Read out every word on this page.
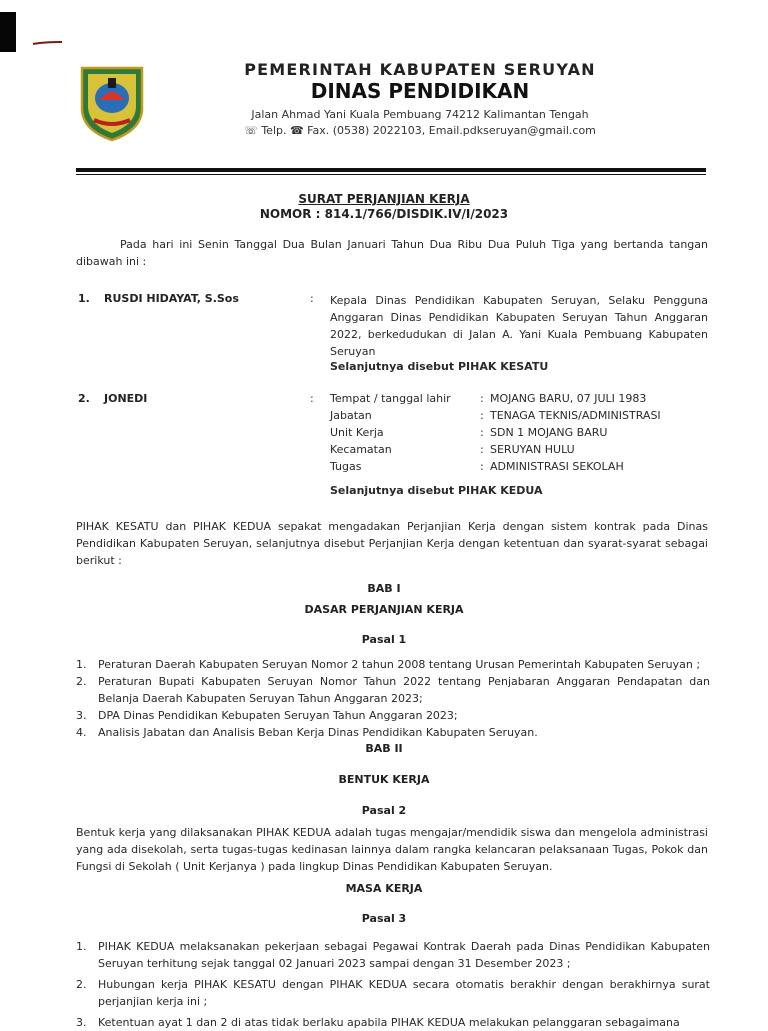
PEMERINTAH KABUPATEN SERUYAN
DINAS PENDIDIKAN
Jalan Ahmad Yani Kuala Pembuang 74212 Kalimantan Tengah
☏ Telp. ☎ Fax. (0538) 2022103, Email.pdkseruyan@gmail.com
SURAT PERJANJIAN KERJA
NOMOR : 814.1/766/DISDIK.IV/I/2023
Pada hari ini Senin Tanggal Dua Bulan Januari Tahun Dua Ribu Dua Puluh Tiga yang bertanda tangan dibawah ini :
1. RUSDI HIDAYAT, S.Sos	: Kepala Dinas Pendidikan Kabupaten Seruyan, Selaku Pengguna Anggaran Dinas Pendidikan Kabupaten Seruyan Tahun Anggaran 2022, berkedudukan di Jalan A. Yani Kuala Pembuang Kabupaten Seruyan
Selanjutnya disebut PIHAK KESATU
2. JONEDI	: Tempat / tanggal lahir	: MOJANG BARU, 07 JULI 1983
Jabatan	: TENAGA TEKNIS/ADMINISTRASI
Unit Kerja	: SDN 1 MOJANG BARU
Kecamatan	: SERUYAN HULU
Tugas	: ADMINISTRASI SEKOLAH
Selanjutnya disebut PIHAK KEDUA
PIHAK KESATU dan PIHAK KEDUA sepakat mengadakan Perjanjian Kerja dengan sistem kontrak pada Dinas Pendidikan Kabupaten Seruyan, selanjutnya disebut Perjanjian Kerja dengan ketentuan dan syarat-syarat sebagai berikut :
BAB I
DASAR PERJANJIAN KERJA
Pasal 1
1. Peraturan Daerah Kabupaten Seruyan Nomor 2 tahun 2008 tentang Urusan Pemerintah Kabupaten Seruyan ;
2. Peraturan Bupati Kabupaten Seruyan Nomor Tahun 2022 tentang Penjabaran Anggaran Pendapatan dan Belanja Daerah Kabupaten Seruyan Tahun Anggaran 2023;
3. DPA Dinas Pendidikan Kebupaten Seruyan Tahun Anggaran 2023;
4. Analisis Jabatan dan Analisis Beban Kerja Dinas Pendidikan Kabupaten Seruyan.
BAB II
BENTUK KERJA
Pasal 2
Bentuk kerja yang dilaksanakan PIHAK KEDUA adalah tugas mengajar/mendidik siswa dan mengelola administrasi yang ada disekolah, serta tugas-tugas kedinasan lainnya dalam rangka kelancaran pelaksanaan Tugas, Pokok dan Fungsi di Sekolah ( Unit Kerjanya ) pada lingkup Dinas Pendidikan Kabupaten Seruyan.
MASA KERJA
Pasal 3
1. PIHAK KEDUA melaksanakan pekerjaan sebagai Pegawai Kontrak Daerah pada Dinas Pendidikan Kabupaten Seruyan terhitung sejak tanggal 02 Januari 2023 sampai dengan 31 Desember 2023 ;
2. Hubungan kerja PIHAK KESATU dengan PIHAK KEDUA secara otomatis berakhir dengan berakhirnya surat perjanjian kerja ini ;
3. Ketentuan ayat 1 dan 2 di atas tidak berlaku apabila PIHAK KEDUA melakukan pelanggaran sebagaimana
